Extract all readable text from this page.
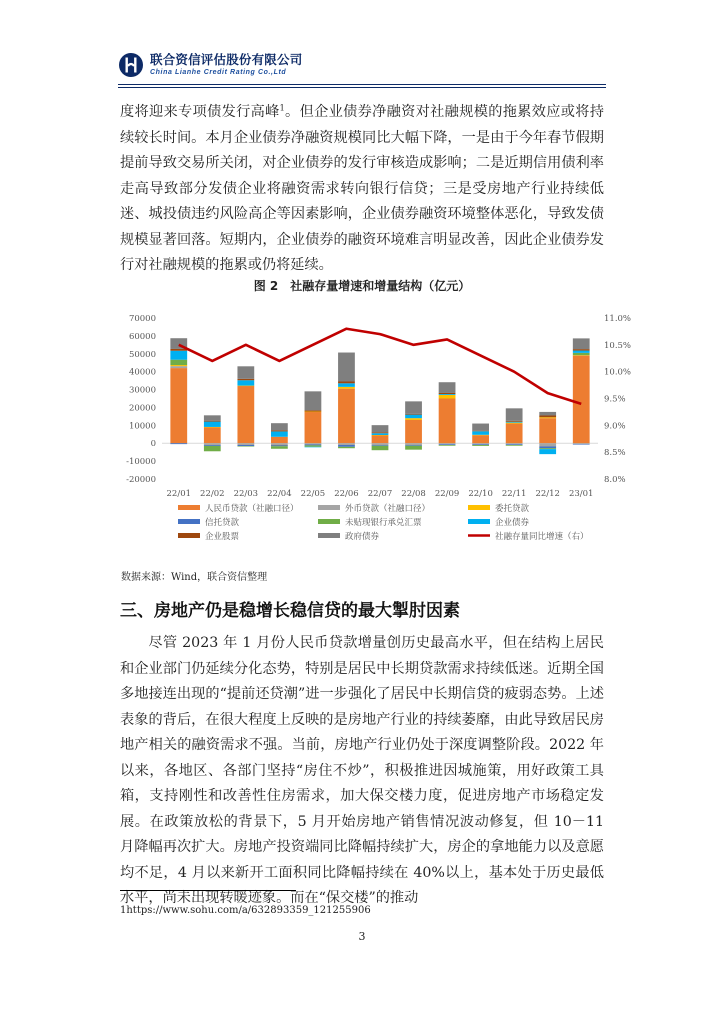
联合资信评估股份有限公司
China Lianhe Credit Rating Co.,Ltd

度将迎来专项债发行高峰$^1$。但企业债券净融资对社融规模的拖累效应或将持续较长时间。本月企业债券净融资规模同比大幅下降，一是由于今年春节假期提前导致交易所关闭，对企业债券的发行审核造成影响；二是近期信用债利率走高导致部分发债企业将融资需求转向银行信贷；三是受房地产行业持续低迷、城投债违约风险高企等因素影响，企业债券融资环境整体恶化，导致发债规模显著回落。短期内，企业债券的融资环境难言明显改善，因此企业债券发行对社融规模的拖累或仍将延续。

图 2　社融存量增速和增量结构（亿元）
70000
60000
50000
40000
30000
20000
10000
0
-10000
-20000
11.0%
10.5%
10.0%
9.5%
9.0%
8.5%
8.0%
22/01 22/02 22/03 22/04 22/05 22/06 22/07 22/08 22/09 22/10 22/11 22/12 23/01
人民币贷款（社融口径）	外币贷款（社融口径）	委托贷款
信托贷款	未贴现银行承兑汇票	企业债券
企业股票	政府债券	社融存量同比增速（右）
数据来源：Wind，联合资信整理
三、房地产仍是稳增长稳信贷的最大掣肘因素

尽管 2023 年 1 月份人民币贷款增量创历史最高水平，但在结构上居民和企业部门仍延续分化态势，特别是居民中长期贷款需求持续低迷。近期全国多地接连出现的“提前还贷潮”进一步强化了居民中长期信贷的疲弱态势。上述表象的背后，在很大程度上反映的是房地产行业的持续萎靡，由此导致居民房地产相关的融资需求不强。当前，房地产行业仍处于深度调整阶段。2022 年以来，各地区、各部门坚持“房住不炒”，积极推进因城施策，用好政策工具箱，支持刚性和改善性住房需求，加大保交楼力度，促进房地产市场稳定发展。在政策放松的背景下，5 月开始房地产销售情况波动修复，但 10－11 月降幅再次扩大。房地产投资端同比降幅持续扩大，房企的拿地能力以及意愿均不足，4 月以来新开工面积同比降幅持续在 40%以上，基本处于历史最低水平，尚未出现转暖迹象。而在“保交楼”的推动

1https://www.sohu.com/a/632893359_121255906
3
